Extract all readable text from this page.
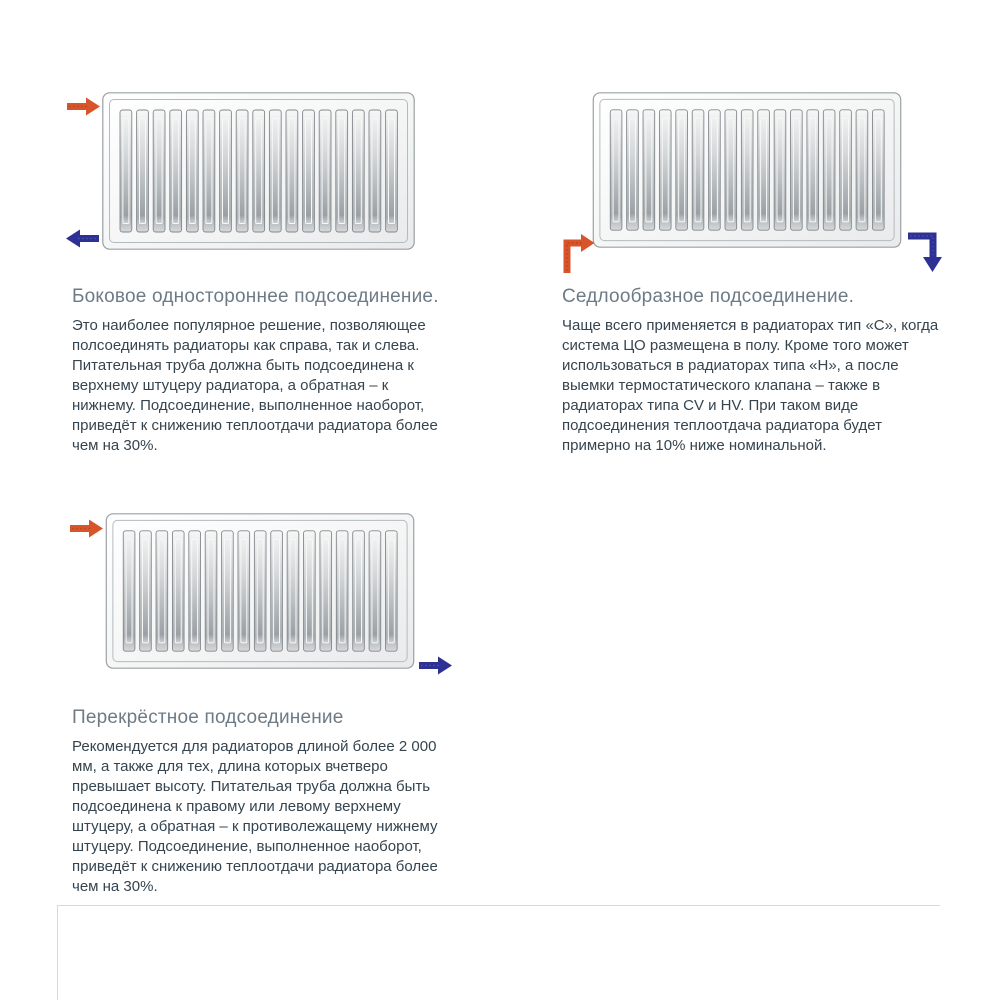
Боковое одностороннее подсоединение.

Это наиболее популярное решение, позволяющее полсоединять радиаторы как справа, так и слева. Питательная труба должна быть подсоединена к верхнему штуцеру радиатора, а обратная – к нижнему. Подсоединение, выполненное наоборот, приведёт к снижению теплоотдачи радиатора более чем на 30%.

Седлообразное подсоединение.

Чаще всего применяется в радиаторах тип «C», когда система ЦО размещена в полу. Кроме того может использоваться в радиаторах типа «H», а после выемки термостатического клапана – также в радиаторах типа CV и HV. При таком виде подсоединения теплоотдача радиатора будет примерно на 10% ниже номинальной.

Перекрёстное подсоединение

Рекомендуется для радиаторов длиной более 2 000 мм, а также для тех, длина которых вчетверо превышает высоту. Питательая труба должна быть подсоединена к правому или левому верхнему штуцеру, а обратная – к противолежащему нижнему штуцеру. Подсоединение, выполненное наоборот, приведёт к снижению теплоотдачи радиатора более чем на 30%.
